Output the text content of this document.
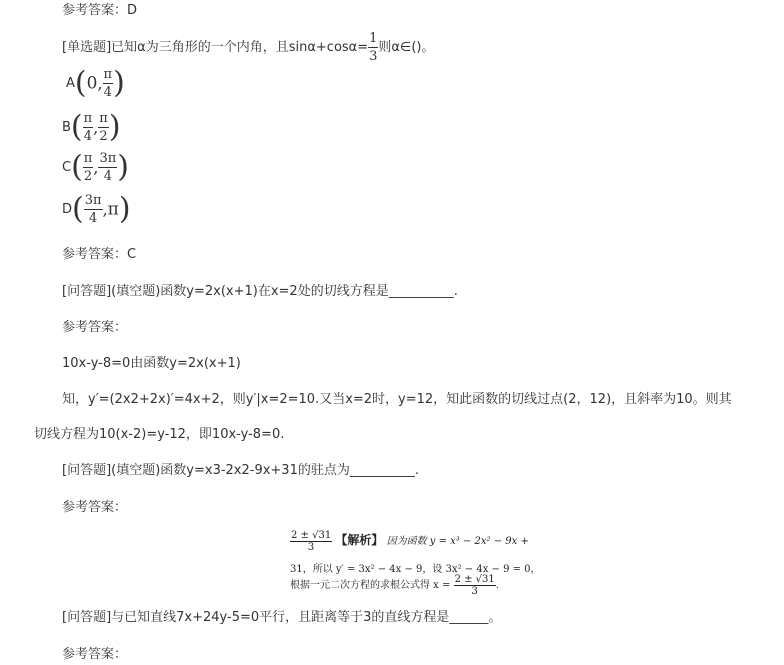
参考答案：D
[单选题]已知α为三角形的一个内角，且$\sin\alpha+\cos\alpha= \frac{1}{3}$ 则α∈()。
A(0, $\frac{\pi}{4}$ )
$B( \frac{\pi}{4}$ , $\frac{\pi}{2}$ )
$C( \frac{\pi}{2}$ , $\frac{3\pi}{4}$ )
$D( \frac{3\pi}{4} ,\pi)$
参考答案：C
[问答题](填空题)函数y=2x(x+1)在x=2处的切线方程是__________.
参考答案：
10x-y-8=0由函数y=2x(x+1)
知，y′=(2x2+2x)′=4x+2，则y′|x=2=10.又当x=2时，y=12，知此函数的切线过点(2，12)，且斜率为10。则其
切线方程为10(x-2)=y-12，即10x-y-8=0.
[问答题](填空题)函数y=x3-2x2-9x+31的驻点为__________.
参考答案：
$\frac{2 \pm √31}{3}$ 【解析】 因为函数 y = x³ − 2x² − 9x +
31，所以 y′ = 3x² − 4x − 9，设 3x² − 4x − 9 = 0，
根据一元二次方程的求根公式得 $x = \frac{2 \pm √31}{3}$ .
[问答题]与已知直线7x+24y-5=0平行，且距离等于3的直线方程是______。
参考答案：
